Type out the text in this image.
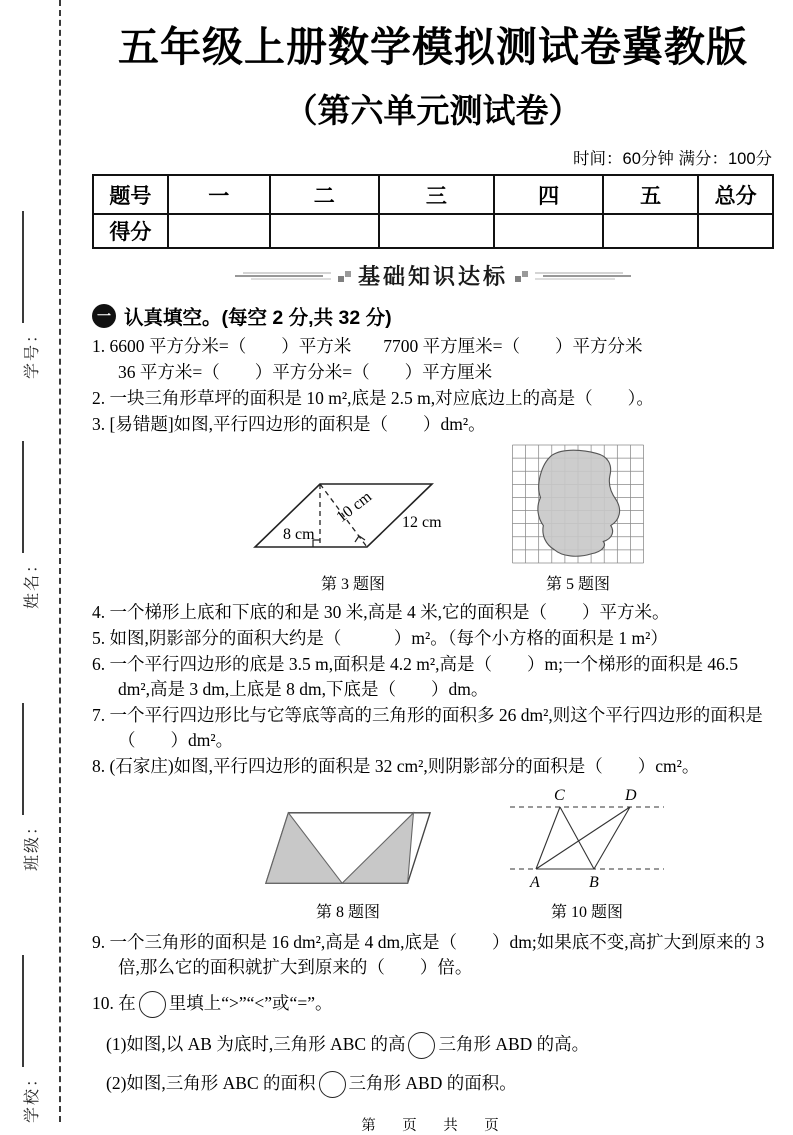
学号：
姓名：
班级：
学校：
五年级上册数学模拟测试卷冀教版
（第六单元测试卷）
时间：60分钟 满分：100分
题号	一	二	三	四	五	总分
得分						
基础知识达标
一 认真填空。(每空 2 分,共 32 分)
1. 6600 平方分米=（　　）平方米 7700 平方厘米=（　　）平方分米
36 平方米=（　　）平方分米=（　　）平方厘米
2. 一块三角形草坪的面积是 10 m²,底是 2.5 m,对应底边上的高是（　　）。
3. [易错题]如图,平行四边形的面积是（　　）dm²。
8 cm
10 cm 12 cm
第 3 题图	第 5 题图
4. 一个梯形上底和下底的和是 30 米,高是 4 米,它的面积是（　　）平方米。
5. 如图,阴影部分的面积大约是（　　　）m²。（每个小方格的面积是 1 m²）
6. 一个平行四边形的底是 3.5 m,面积是 4.2 m²,高是（　　）m;一个梯形的面积是 46.5 dm²,高是 3 dm,上底是 8 dm,下底是（　　）dm。
7. 一个平行四边形比与它等底等高的三角形的面积多 26 dm²,则这个平行四边形的面积是（　　）dm²。
8. (石家庄)如图,平行四边形的面积是 32 cm²,则阴影部分的面积是（　　）cm²。
第 8 题图
C	D
A	B
第 10 题图
9. 一个三角形的面积是 16 dm²,高是 4 dm,底是（　　）dm;如果底不变,高扩大到原来的 3 倍,那么它的面积就扩大到原来的（　　）倍。
10. 在 里填上“>”“<”或“=”。
(1)如图,以 AB 为底时,三角形 ABC 的高 三角形 ABD 的高。
(2)如图,三角形 ABC 的面积 三角形 ABD 的面积。
第　页　共　页
